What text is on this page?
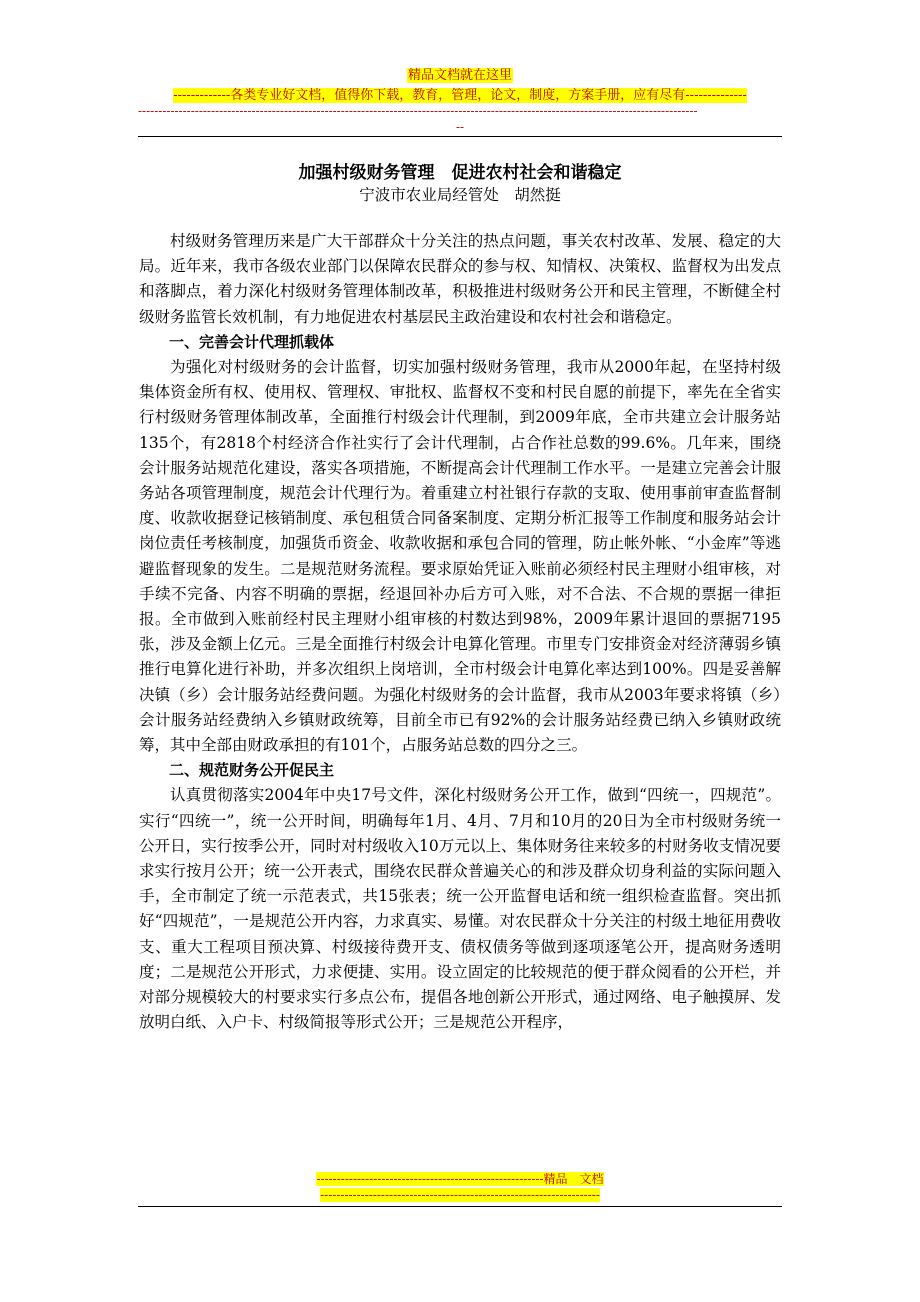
精品文档就在这里
-------------各类专业好文档，值得你下载，教育，管理，论文，制度，方案手册，应有尽有--------------
------------------------------------------------------------------------------------------------------------------------------------------
--
加强村级财务管理　促进农村社会和谐稳定
宁波市农业局经管处　胡然挺

村级财务管理历来是广大干部群众十分关注的热点问题，事关农村改革、发展、稳定的大局。近年来，我市各级农业部门以保障农民群众的参与权、知情权、决策权、监督权为出发点和落脚点，着力深化村级财务管理体制改革，积极推进村级财务公开和民主管理，不断健全村级财务监管长效机制，有力地促进农村基层民主政治建设和农村社会和谐稳定。

一、完善会计代理抓载体

为强化对村级财务的会计监督，切实加强村级财务管理，我市从2000年起，在坚持村级集体资金所有权、使用权、管理权、审批权、监督权不变和村民自愿的前提下，率先在全省实行村级财务管理体制改革，全面推行村级会计代理制，到2009年底，全市共建立会计服务站135个，有2818个村经济合作社实行了会计代理制，占合作社总数的99.6%。几年来，围绕会计服务站规范化建设，落实各项措施，不断提高会计代理制工作水平。一是建立完善会计服务站各项管理制度，规范会计代理行为。着重建立村社银行存款的支取、使用事前审查监督制度、收款收据登记核销制度、承包租赁合同备案制度、定期分析汇报等工作制度和服务站会计岗位责任考核制度，加强货币资金、收款收据和承包合同的管理，防止帐外帐、“小金库”等逃避监督现象的发生。二是规范财务流程。要求原始凭证入账前必须经村民主理财小组审核，对手续不完备、内容不明确的票据，经退回补办后方可入账，对不合法、不合规的票据一律拒报。全市做到入账前经村民主理财小组审核的村数达到98%，2009年累计退回的票据7195张，涉及金额上亿元。三是全面推行村级会计电算化管理。市里专门安排资金对经济薄弱乡镇推行电算化进行补助，并多次组织上岗培训，全市村级会计电算化率达到100%。四是妥善解决镇（乡）会计服务站经费问题。为强化村级财务的会计监督，我市从2003年要求将镇（乡）会计服务站经费纳入乡镇财政统筹，目前全市已有92%的会计服务站经费已纳入乡镇财政统筹，其中全部由财政承担的有101个，占服务站总数的四分之三。

二、规范财务公开促民主

认真贯彻落实2004年中央17号文件，深化村级财务公开工作，做到“四统一，四规范”。实行“四统一”，统一公开时间，明确每年1月、4月、7月和10月的20日为全市村级财务统一公开日，实行按季公开，同时对村级收入10万元以上、集体财务往来较多的村财务收支情况要求实行按月公开；统一公开表式，围绕农民群众普遍关心的和涉及群众切身利益的实际问题入手，全市制定了统一示范表式，共15张表；统一公开监督电话和统一组织检查监督。突出抓好“四规范”，一是规范公开内容，力求真实、易懂。对农民群众十分关注的村级土地征用费收支、重大工程项目预决算、村级接待费开支、债权债务等做到逐项逐笔公开，提高财务透明度；二是规范公开形式，力求便捷、实用。设立固定的比较规范的便于群众阅看的公开栏，并对部分规模较大的村要求实行多点公布，提倡各地创新公开形式，通过网络、电子触摸屏、发放明白纸、入户卡、村级简报等形式公开；三是规范公开程序，

--------------------------------------------------------精品　文档
---------------------------------------------------------------------
